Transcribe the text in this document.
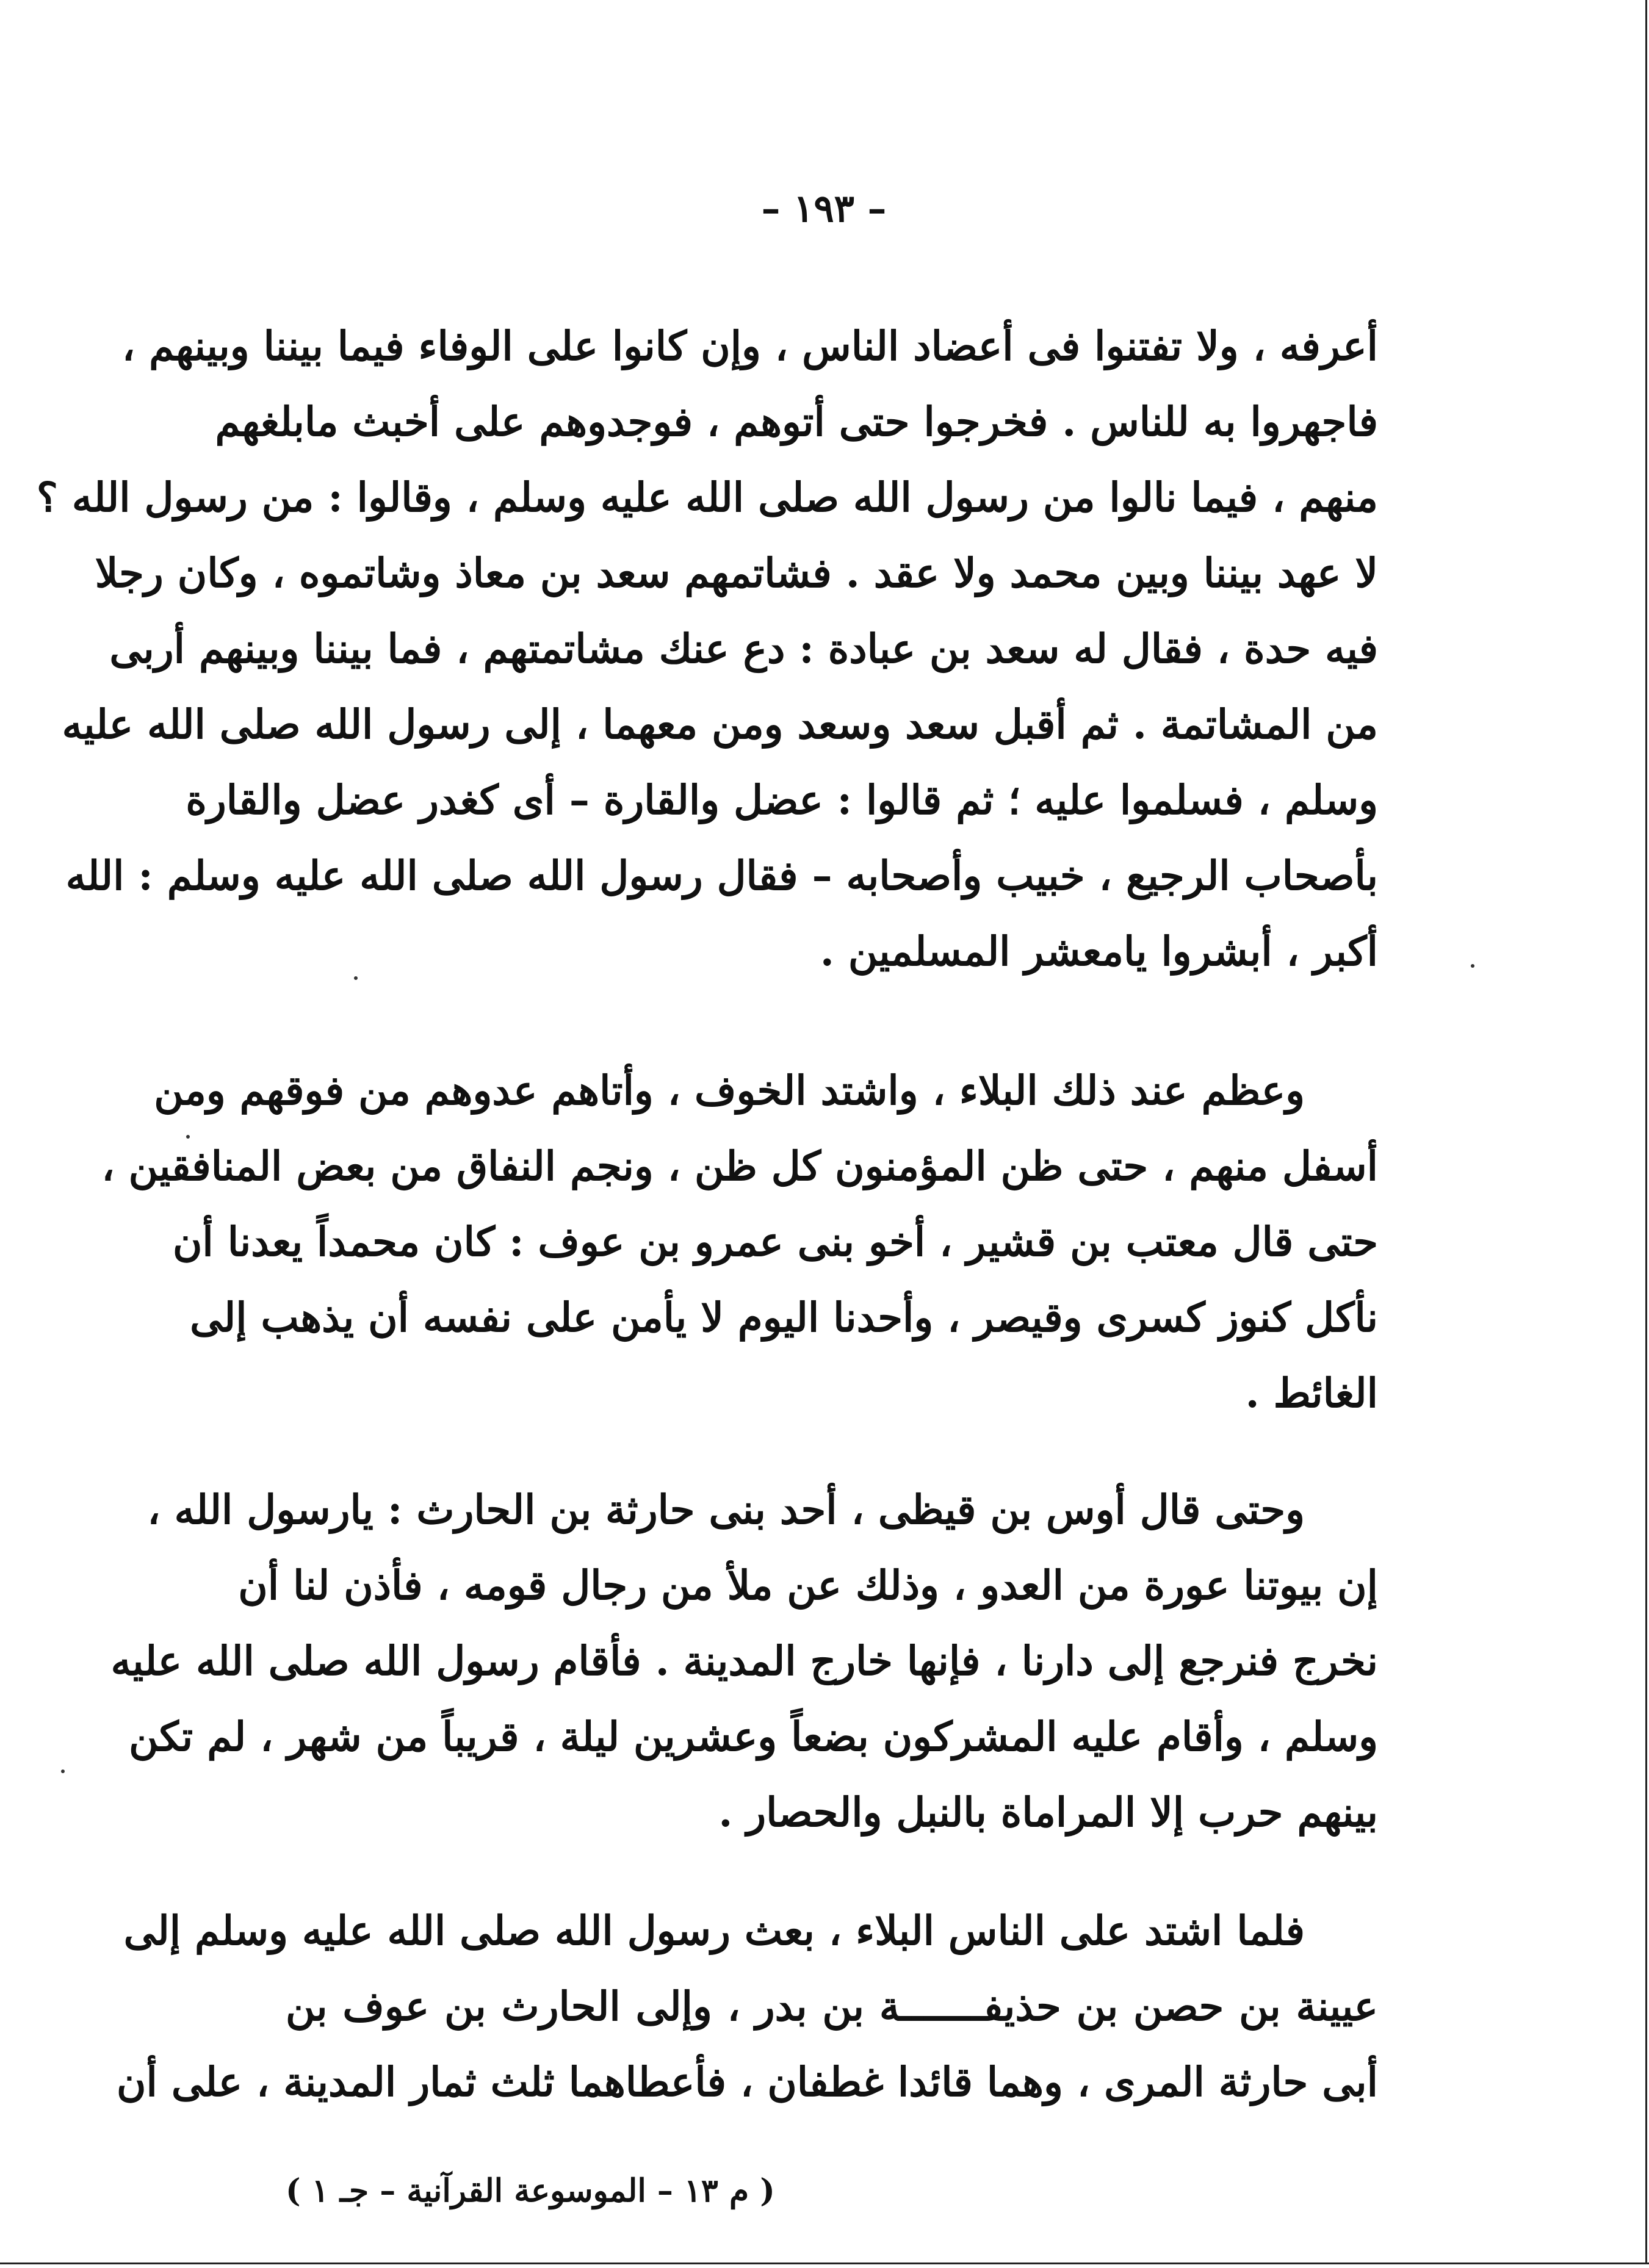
– ١٩٣ –
أعرفه ، ولا تفتنوا فى أعضاد الناس ، وإن كانوا على الوفاء فيما بيننا وبينهم ،
فاجهروا به للناس . فخرجوا حتى أتوهم ، فوجدوهم على أخبث مابلغهم
منهم ، فيما نالوا من رسول الله صلى الله عليه وسلم ، وقالوا : من رسول الله ؟
لا عهد بيننا وبين محمد ولا عقد . فشاتمهم سعد بن معاذ وشاتموه ، وكان رجلا
فيه حدة ، فقال له سعد بن عبادة : دع عنك مشاتمتهم ، فما بيننا وبينهم أربى
من المشاتمة . ثم أقبل سعد وسعد ومن معهما ، إلى رسول الله صلى الله عليه
وسلم ، فسلموا عليه ؛ ثم قالوا : عضل والقارة – أى كغدر عضل والقارة
بأصحاب الرجيع ، خبيب وأصحابه – فقال رسول الله صلى الله عليه وسلم : الله
أكبر ، أبشروا يامعشر المسلمين .
وعظم عند ذلك البلاء ، واشتد الخوف ، وأتاهم عدوهم من فوقهم ومن
أسفل منهم ، حتى ظن المؤمنون كل ظن ، ونجم النفاق من بعض المنافقين ،
حتى قال معتب بن قشير ، أخو بنى عمرو بن عوف : كان محمداً يعدنا أن
نأكل كنوز كسرى وقيصر ، وأحدنا اليوم لا يأمن على نفسه أن يذهب إلى
الغائط .
وحتى قال أوس بن قيظى ، أحد بنى حارثة بن الحارث : يارسول الله ،
إن بيوتنا عورة من العدو ، وذلك عن ملأ من رجال قومه ، فأذن لنا أن
نخرج فنرجع إلى دارنا ، فإنها خارج المدينة . فأقام رسول الله صلى الله عليه
وسلم ، وأقام عليه المشركون بضعاً وعشرين ليلة ، قريباً من شهر ، لم تكن
بينهم حرب إلا المراماة بالنبل والحصار .
فلما اشتد على الناس البلاء ، بعث رسول الله صلى الله عليه وسلم إلى
عيينة بن حصن بن حذيفـــــــة بن بدر ، وإلى الحارث بن عوف بن
أبى حارثة المرى ، وهما قائدا غطفان ، فأعطاهما ثلث ثمار المدينة ، على أن
( م ١٣ – الموسوعة القرآنية – جـ ١ )
